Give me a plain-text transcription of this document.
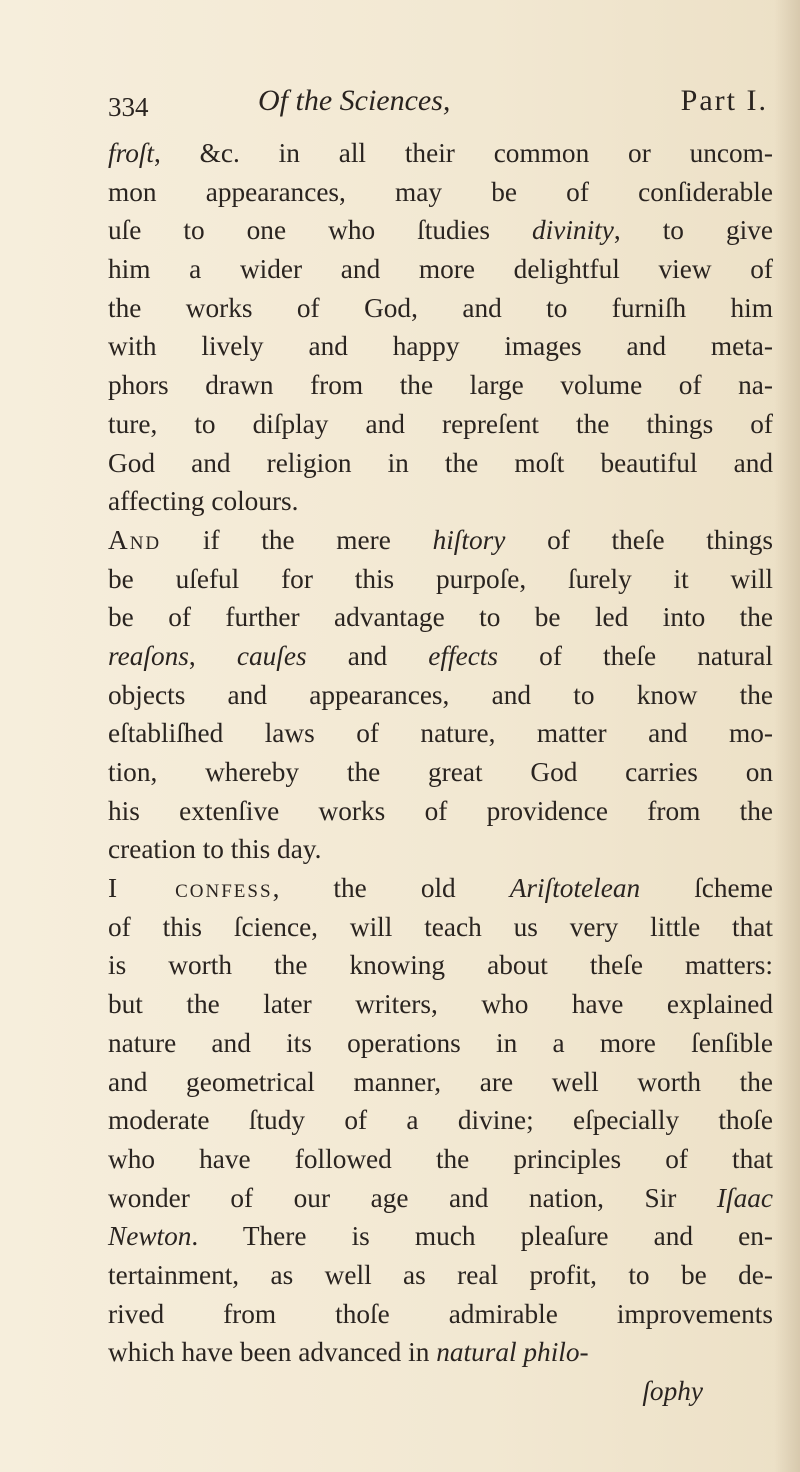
334	Of the Sciences,	Part I.
froſt, &c. in all their common or uncom-
mon appearances, may be of conſiderable
uſe to one who ſtudies divinity, to give
him a wider and more delightful view of
the works of God, and to furniſh him
with lively and happy images and meta-
phors drawn from the large volume of na-
ture, to diſplay and repreſent the things of
God and religion in the moſt beautiful and
affecting colours.
And if the mere hiſtory of theſe things
be uſeful for this purpoſe, ſurely it will
be of further advantage to be led into the
reaſons, cauſes and effects of theſe natural
objects and appearances, and to know the
eſtabliſhed laws of nature, matter and mo-
tion, whereby the great God carries on
his extenſive works of providence from the
creation to this day.
I confess, the old Ariſtotelean ſcheme
of this ſcience, will teach us very little that
is worth the knowing about theſe matters:
but the later writers, who have explained
nature and its operations in a more ſenſible
and geometrical manner, are well worth the
moderate ſtudy of a divine; eſpecially thoſe
who have followed the principles of that
wonder of our age and nation, Sir Iſaac
Newton. There is much pleaſure and en-
tertainment, as well as real profit, to be de-
rived from thoſe admirable improvements
which have been advanced in natural philo-
ſophy
